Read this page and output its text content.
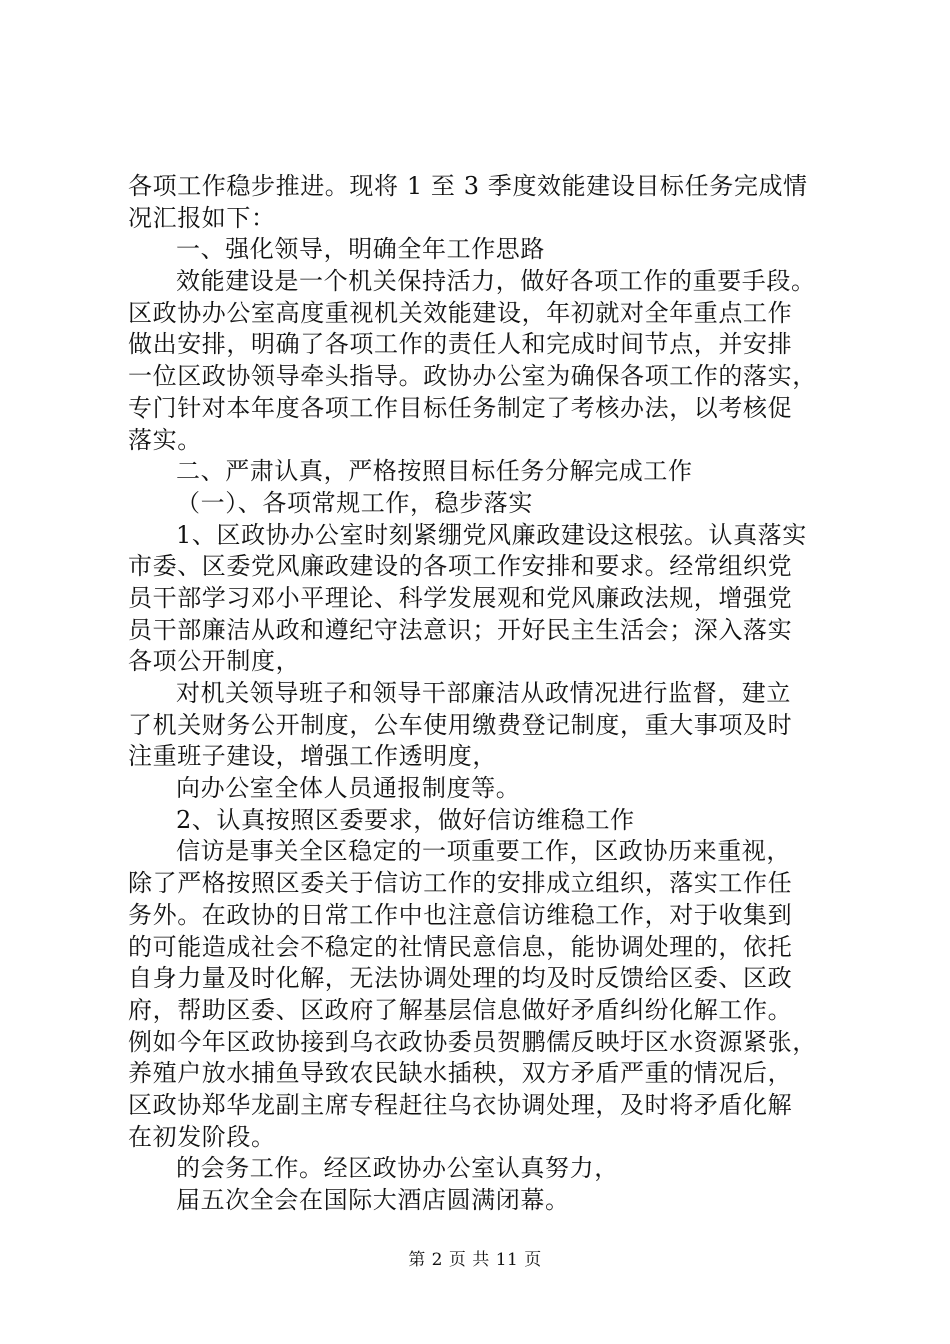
各项工作稳步推进。现将 1 至 3 季度效能建设目标任务完成情
况汇报如下：
一、强化领导，明确全年工作思路
效能建设是一个机关保持活力，做好各项工作的重要手段。
区政协办公室高度重视机关效能建设，年初就对全年重点工作
做出安排，明确了各项工作的责任人和完成时间节点，并安排
一位区政协领导牵头指导。政协办公室为确保各项工作的落实，
专门针对本年度各项工作目标任务制定了考核办法，以考核促
落实。
二、严肃认真，严格按照目标任务分解完成工作
（一）、各项常规工作，稳步落实
1、区政协办公室时刻紧绷党风廉政建设这根弦。认真落实
市委、区委党风廉政建设的各项工作安排和要求。经常组织党
员干部学习邓小平理论、科学发展观和党风廉政法规，增强党
员干部廉洁从政和遵纪守法意识；开好民主生活会；深入落实
各项公开制度，
对机关领导班子和领导干部廉洁从政情况进行监督，建立
了机关财务公开制度，公车使用缴费登记制度，重大事项及时
注重班子建设，增强工作透明度，
向办公室全体人员通报制度等。
2、认真按照区委要求，做好信访维稳工作
信访是事关全区稳定的一项重要工作，区政协历来重视，
除了严格按照区委关于信访工作的安排成立组织，落实工作任
务外。在政协的日常工作中也注意信访维稳工作，对于收集到
的可能造成社会不稳定的社情民意信息，能协调处理的，依托
自身力量及时化解，无法协调处理的均及时反馈给区委、区政
府，帮助区委、区政府了解基层信息做好矛盾纠纷化解工作。
例如今年区政协接到乌衣政协委员贺鹏儒反映圩区水资源紧张，
养殖户放水捕鱼导致农民缺水插秧，双方矛盾严重的情况后，
区政协郑华龙副主席专程赶往乌衣协调处理，及时将矛盾化解
在初发阶段。
的会务工作。经区政协办公室认真努力，
届五次全会在国际大酒店圆满闭幕。
第 2 页 共 11 页
